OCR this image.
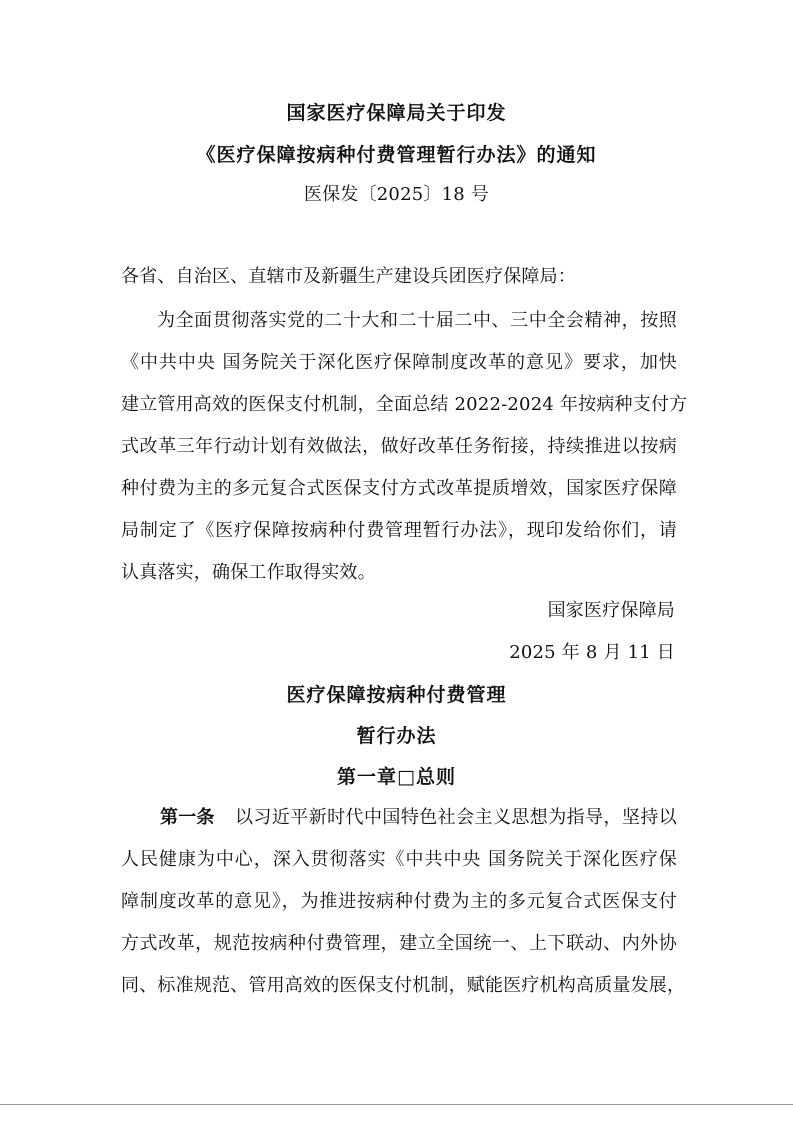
国家医疗保障局关于印发
《医疗保障按病种付费管理暂行办法》的通知
医保发〔2025〕18 号
各省、自治区、直辖市及新疆生产建设兵团医疗保障局：
为全面贯彻落实党的二十大和二十届二中、三中全会精神，按照
《中共中央 国务院关于深化医疗保障制度改革的意见》要求，加快
建立管用高效的医保支付机制，全面总结 2022-2024 年按病种支付方
式改革三年行动计划有效做法，做好改革任务衔接，持续推进以按病
种付费为主的多元复合式医保支付方式改革提质增效，国家医疗保障
局制定了《医疗保障按病种付费管理暂行办法》，现印发给你们，请
认真落实，确保工作取得实效。
国家医疗保障局
2025 年 8 月 11 日
医疗保障按病种付费管理
暂行办法
第一章□总则
第一条 以习近平新时代中国特色社会主义思想为指导，坚持以
人民健康为中心，深入贯彻落实《中共中央 国务院关于深化医疗保
障制度改革的意见》，为推进按病种付费为主的多元复合式医保支付
方式改革，规范按病种付费管理，建立全国统一、上下联动、内外协
同、标准规范、管用高效的医保支付机制，赋能医疗机构高质量发展，
